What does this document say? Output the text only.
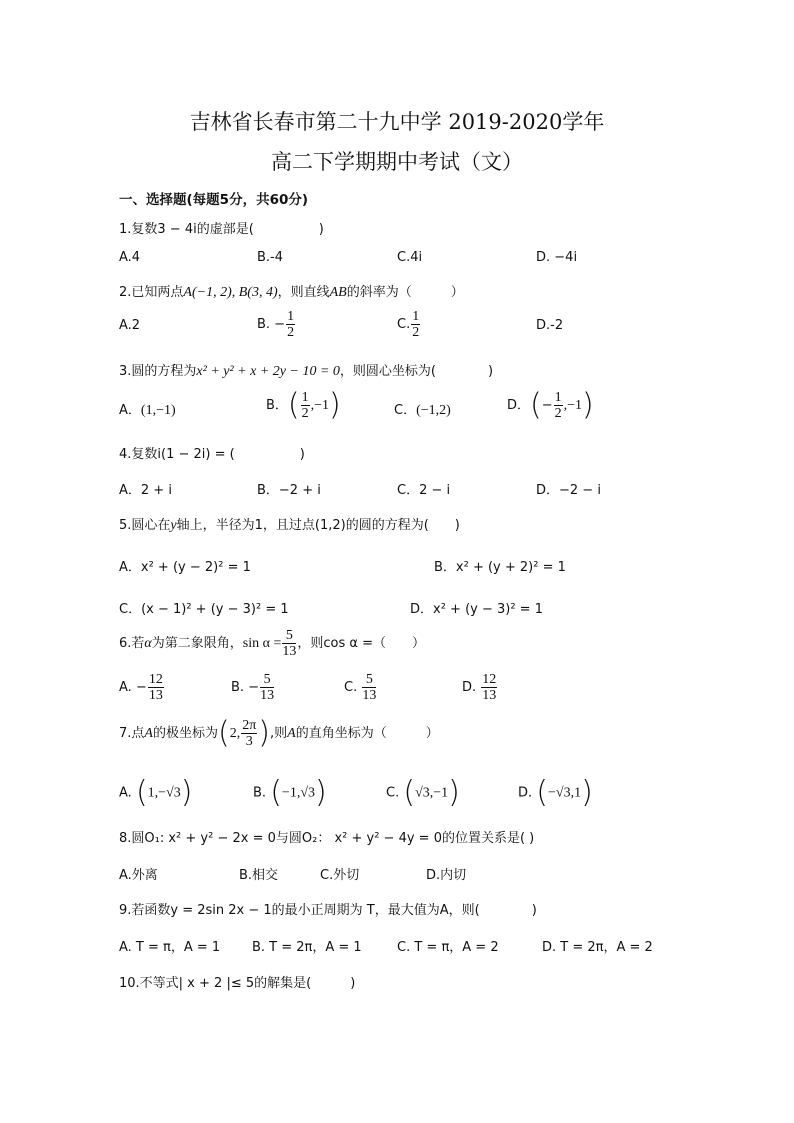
吉林省长春市第二十九中学 2019-2020学年
高二下学期期中考试（文）
一、选择题(每题5分，共60分)
1.复数3 − 4i的虚部是(　　　　　)
A.4	B.-4	C.4i	D. −4i
2.已知两点A(−1, 2), B(3, 4)，则直线AB的斜率为（　　　）
A.2	B. − $\frac{1}{2}$	C. $\frac{1}{2}$	D.-2
3.圆的方程为x² + y² + x + 2y − 10 = 0，则圆心坐标为(　　　　)
A．(1,−1)	B．( $\frac{1}{2} ,-1$)	C．(−1,2)	D．(− $\frac{1}{2} ,-1$)
4.复数i(1 − 2i) = (　　　　　)
A．2 + i	B．−2 + i	C．2 − i	D．−2 − i
5.圆心在y轴上，半径为1，且过点(1,2)的圆的方程为(　　)
A．x² + (y − 2)² = 1	B．x² + (y + 2)² = 1
C．(x − 1)² + (y − 3)² = 1	D．x² + (y − 3)² = 1
6.若α为第二象限角，$\sin \alpha = \frac{5}{13}$ ，则cos α =（　　）
A. − $\frac{12}{13}$	B. − $\frac{5}{13}$	C. $\frac{5}{13}$	D. $\frac{12}{13}$
7.点A的极坐标为(2, $\frac{2\pi}{3}$ ),则A的直角坐标为（　　　）
A. (1,−√3)	B. (−1,√3)	C. (√3,−1)	D. (−√3,1)
8.圆O₁: x² + y² − 2x = 0与圆O₂： x² + y² − 4y = 0的位置关系是( )
A.外离	B.相交	C.外切	D.内切
9.若函数y = 2sin 2x − 1的最小正周期为 T，最大值为A，则(　　　　)
A. T = π，A = 1 B. T = 2π，A = 1	C. T = π，A = 2	D. T = 2π，A = 2
10.不等式| x + 2 |≤ 5的解集是(　　　)
